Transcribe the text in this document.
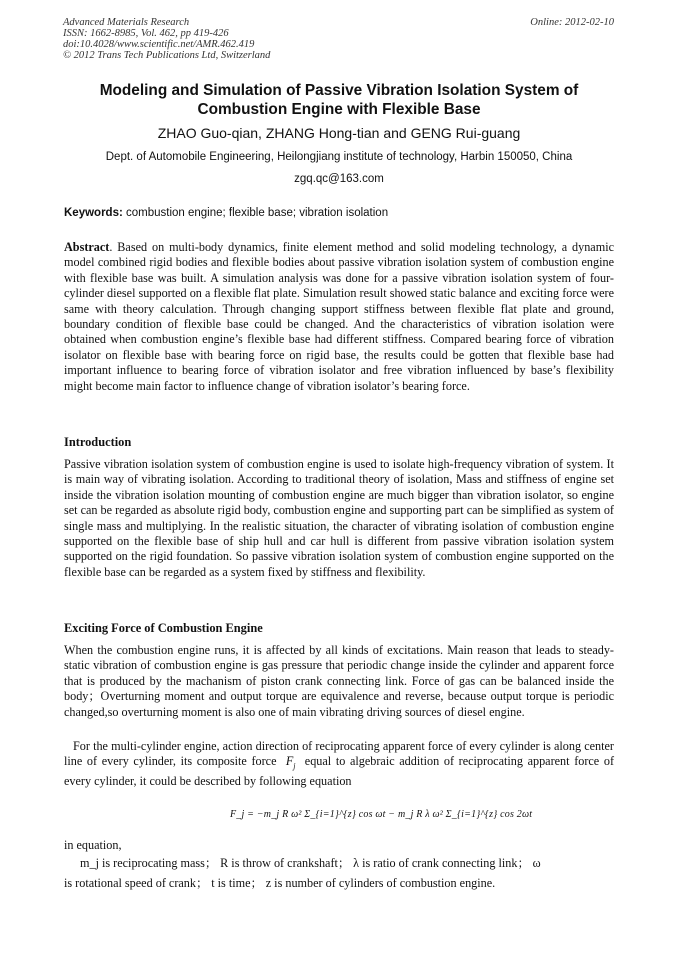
Advanced Materials Research
ISSN: 1662-8985, Vol. 462, pp 419-426
doi:10.4028/www.scientific.net/AMR.462.419
© 2012 Trans Tech Publications Ltd, Switzerland
Online: 2012-02-10
Modeling and Simulation of Passive Vibration Isolation System of
Combustion Engine with Flexible Base
ZHAO Guo-qian, ZHANG Hong-tian and GENG Rui-guang
Dept. of Automobile Engineering, Heilongjiang institute of technology, Harbin 150050, China
zgq.qc@163.com
Keywords: combustion engine; flexible base; vibration isolation

Abstract. Based on multi-body dynamics, finite element method and solid modeling technology, a dynamic model combined rigid bodies and flexible bodies about passive vibration isolation system of combustion engine with flexible base was built. A simulation analysis was done for a passive vibration isolation system of four-cylinder diesel supported on a flexible flat plate. Simulation result showed static balance and exciting force were same with theory calculation. Through changing support stiffness between flexible flat plate and ground, boundary condition of flexible base could be changed. And the characteristics of vibration isolation were obtained when combustion engine’s flexible base had different stiffness. Compared bearing force of vibration isolator on flexible base with bearing force on rigid base, the results could be gotten that flexible base had important influence to bearing force of vibration isolator and free vibration influenced by base’s flexibility might become main factor to influence change of vibration isolator’s bearing force.

Introduction

Passive vibration isolation system of combustion engine is used to isolate high-frequency vibration of system. It is main way of vibrating isolation. According to traditional theory of isolation, Mass and stiffness of engine set inside the vibration isolation mounting of combustion engine are much bigger than vibration isolator, so engine set can be regarded as absolute rigid body, combustion engine and supporting part can be simplified as system of single mass and multiplying. In the realistic situation, the character of vibrating isolation of combustion engine supported on the flexible base of ship hull and car hull is different from passive vibration isolation system supported on the rigid foundation. So passive vibration isolation system of combustion engine supported on the flexible base can be regarded as a system fixed by stiffness and flexibility.

Exciting Force of Combustion Engine

When the combustion engine runs, it is affected by all kinds of excitations. Main reason that leads to steady-static vibration of combustion engine is gas pressure that periodic change inside the cylinder and apparent force that is produced by the machanism of piston crank connecting link. Force of gas can be balanced inside the body；Overturning moment and output torque are equivalence and reverse, because output torque is periodic changed,so overturning moment is also one of main vibrating driving sources of diesel engine.

For the multi-cylinder engine, action direction of reciprocating apparent force of every cylinder is along center line of every cylinder, its composite force $F_j$ equal to algebraic addition of reciprocating apparent force of every cylinder, it could be described by following equation

F_j = −m_j R ω² Σ_{i=1}^{z} cos ωt − m_j R λ ω² Σ_{i=1}^{z} cos 2ωt

in equation,

m_j is reciprocating mass； R is throw of crankshaft； λ is ratio of crank connecting link； ω

is rotational speed of crank； t is time； z is number of cylinders of combustion engine.
